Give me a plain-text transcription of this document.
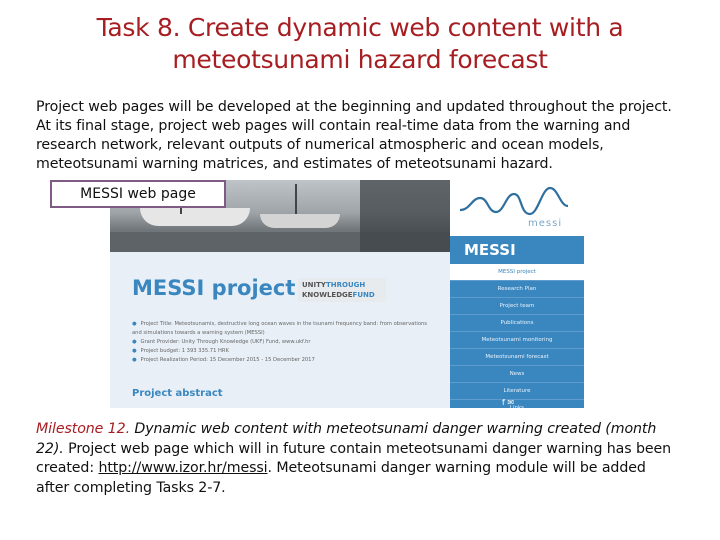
Task 8. Create dynamic web content with a meteotsunami hazard forecast
Project web pages will be developed at the beginning and updated throughout the project. At its final stage, project web pages will contain real-time data from the warning and research network, relevant outputs of numerical atmospheric and ocean models, meteotsunami warning matrices, and estimates of meteotsunami hazard.
messi
MESSI
MESSI project
Research Plan
Project team
Publications
Meteotsunami monitoring
Meteotsunami forecast
News
Literature
Links
f ✉
MESSI project UNITYTHROUGH
KNOWLEDGEFUND
● Project Title: Meteotsunamis, destructive long ocean waves in the tsunami frequency band: from observations and simulations towards a warning system (MESSI)
● Grant Provider: Unity Through Knowledge (UKF) Fund, www.ukf.hr
● Project budget: 1 393 335.71 HRK
● Project Realization Period: 15 December 2015 - 15 December 2017
Project abstract
MESSI web page
Milestone 12. Dynamic web content with meteotsunami danger warning created (month 22). Project web page which will in future contain meteotsunami danger warning has been created: http://www.izor.hr/messi. Meteotsunami danger warning module will be added after completing Tasks 2-7.
